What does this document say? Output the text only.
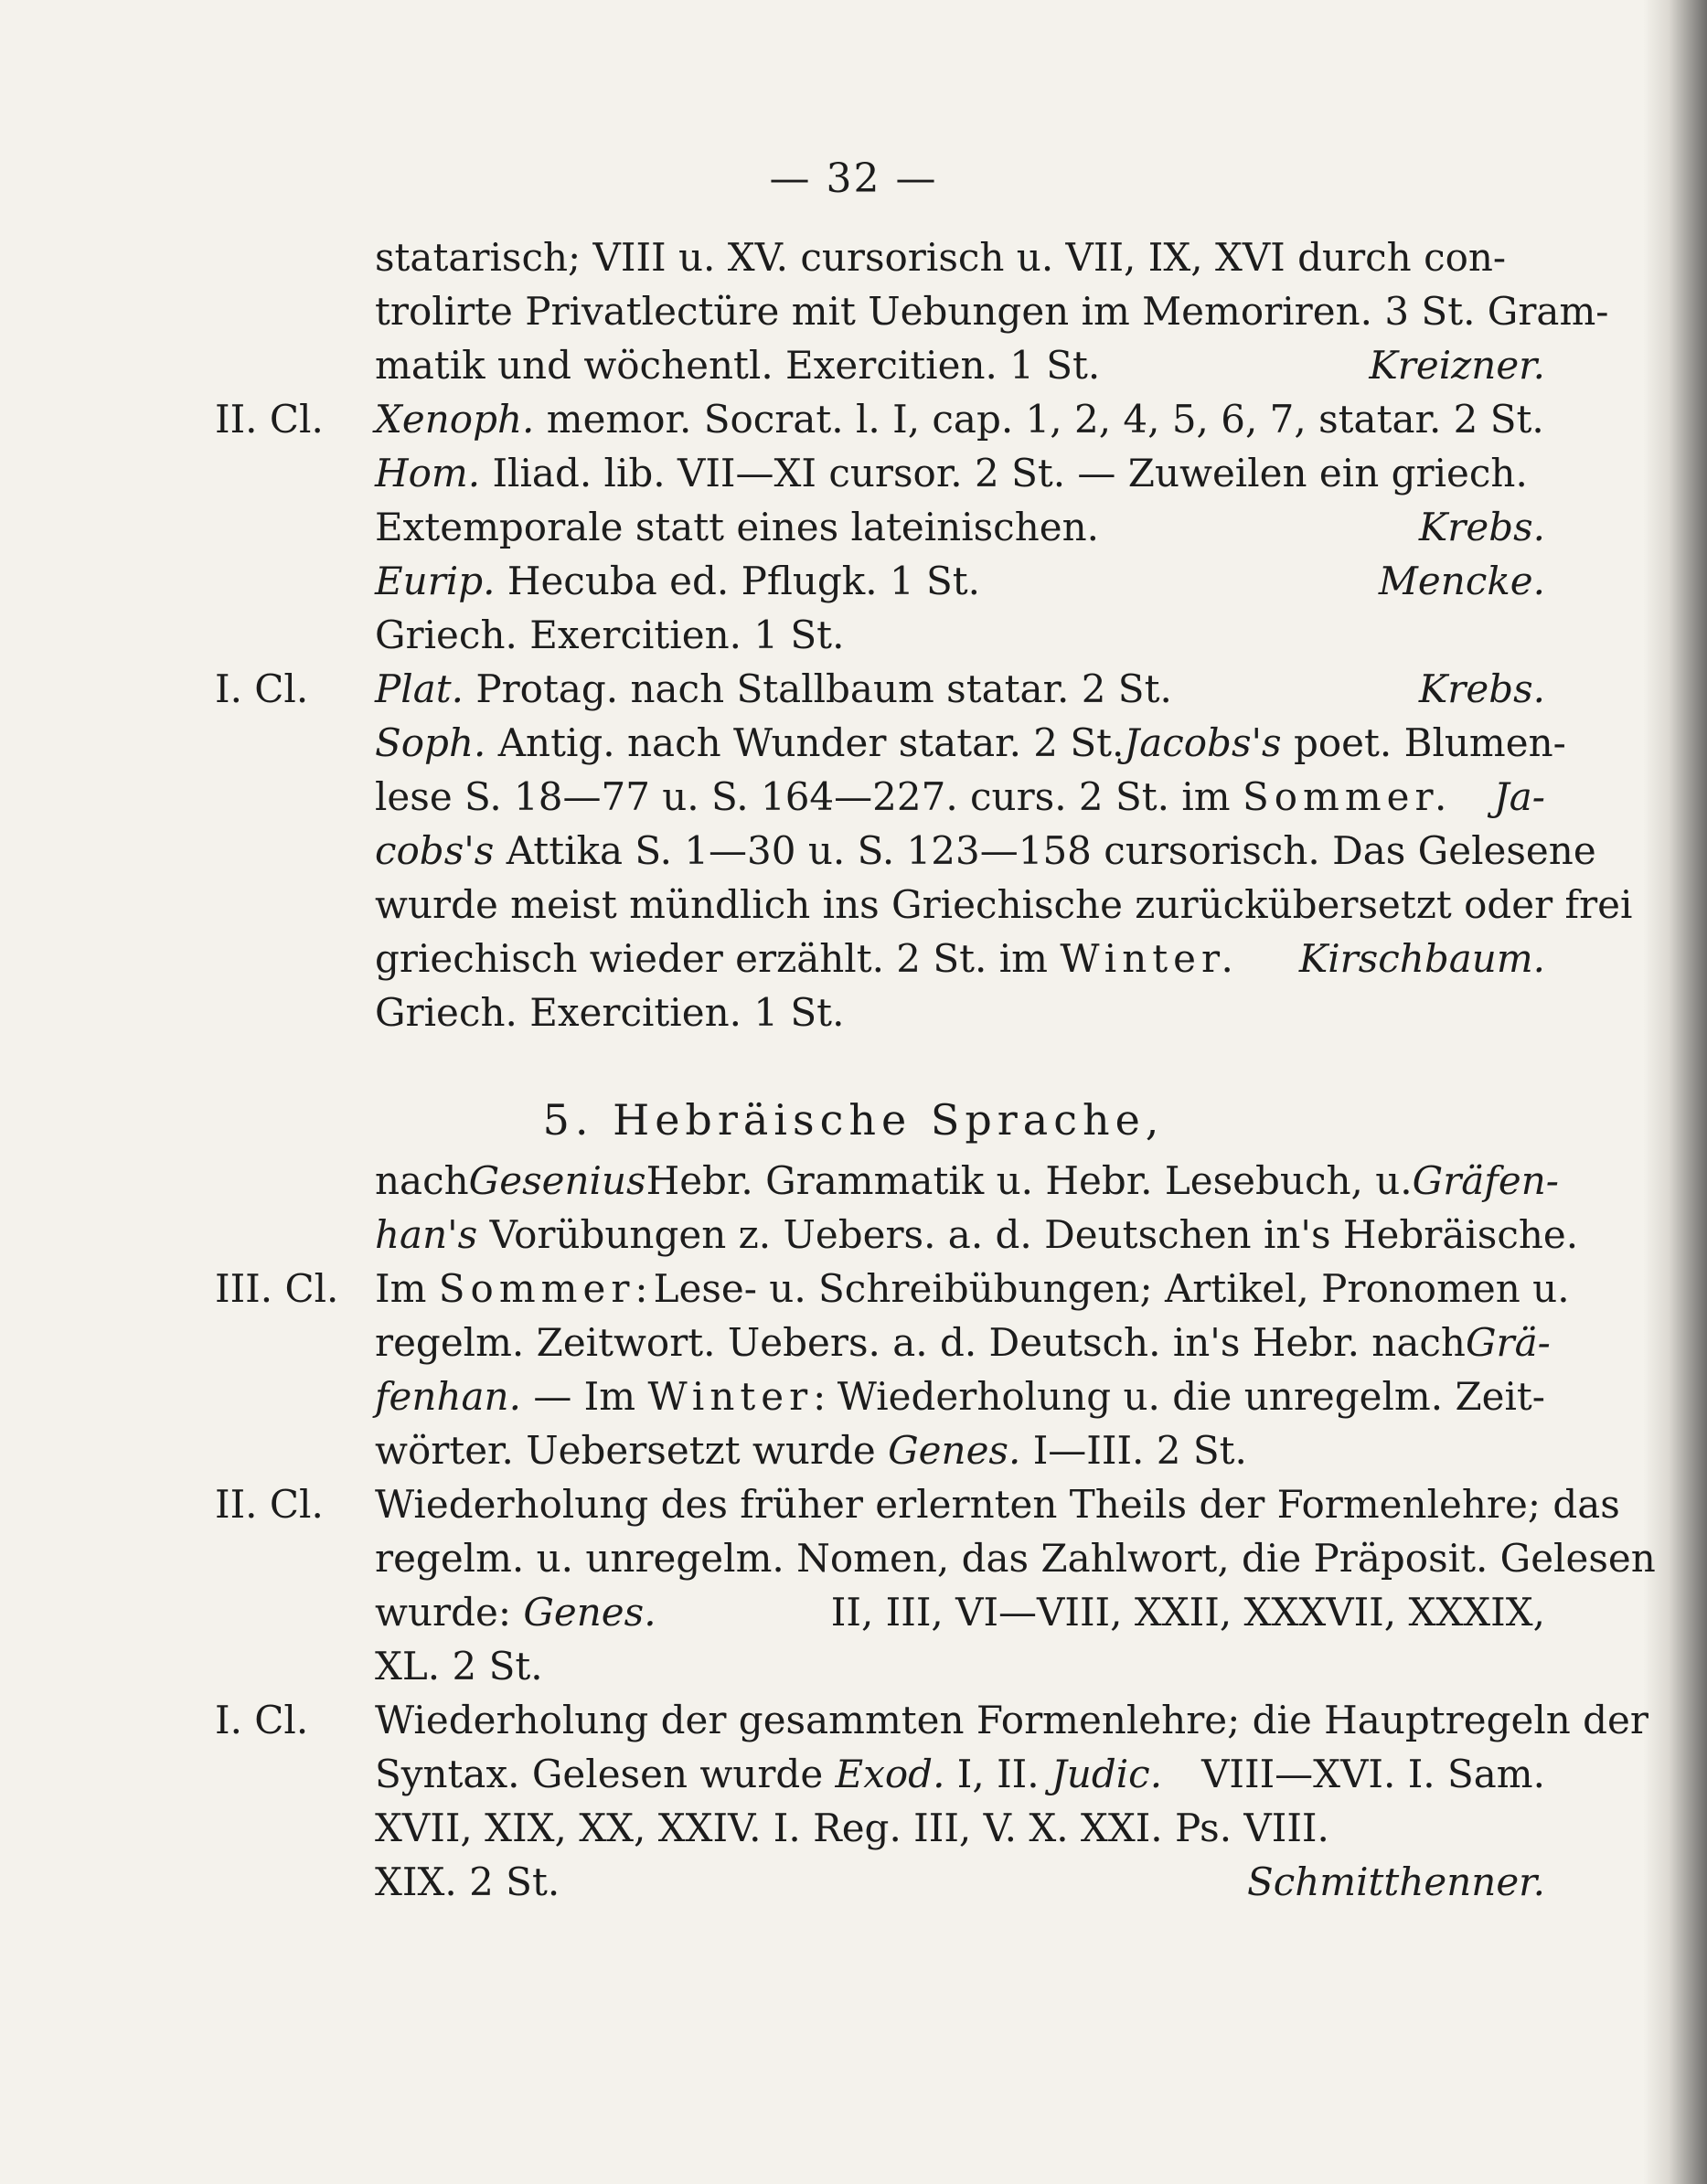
— 32 —
statarisch; VIII u. XV. cursorisch u. VII, IX, XVI durch con-
trolirte Privatlectüre mit Uebungen im Memoriren. 3 St. Gram-
matik und wöchentl. Exercitien. 1 St.	Kreizner.
II. Cl. Xenoph. memor. Socrat. l. I, cap. 1, 2, 4, 5, 6, 7, statar. 2 St.
Hom. Iliad. lib. VII—XI cursor. 2 St. — Zuweilen ein griech.
Extemporale statt eines lateinischen.	Krebs.
Eurip. Hecuba ed. Pflugk. 1 St.	Mencke.
Griech. Exercitien. 1 St.
I. Cl. Plat. Protag. nach Stallbaum statar. 2 St.	Krebs.
Soph. Antig. nach Wunder statar. 2 St. Jacobs's poet. Blumen-
lese S. 18—77 u. S. 164—227. curs. 2 St. im Sommer. Ja-
cobs's Attika S. 1—30 u. S. 123—158 cursorisch. Das Gelesene
wurde meist mündlich ins Griechische zurückübersetzt oder frei
griechisch wieder erzählt. 2 St. im Winter. Kirschbaum.
Griech. Exercitien. 1 St.
5. Hebräische Sprache,
nach Gesenius Hebr. Grammatik u. Hebr. Lesebuch, u. Gräfen-
han's Vorübungen z. Uebers. a. d. Deutschen in's Hebräische.
III. Cl. Im Sommer: Lese- u. Schreibübungen; Artikel, Pronomen u.
regelm. Zeitwort. Uebers. a. d. Deutsch. in's Hebr. nach Grä-
fenhan. — Im Winter: Wiederholung u. die unregelm. Zeit-
wörter. Uebersetzt wurde Genes. I—III. 2 St.
II. Cl. Wiederholung des früher erlernten Theils der Formenlehre; das
regelm. u. unregelm. Nomen, das Zahlwort, die Präposit. Gelesen
wurde: Genes.	II, III, VI—VIII, XXII, XXXVII, XXXIX,
XL. 2 St.
I. Cl. Wiederholung der gesammten Formenlehre; die Hauptregeln der
Syntax. Gelesen wurde Exod. I, II. Judic. VIII—XVI. I. Sam.
XVII, XIX, XX, XXIV. I. Reg. III, V. X. XXI. Ps. VIII.
XIX. 2 St.	Schmitthenner.
